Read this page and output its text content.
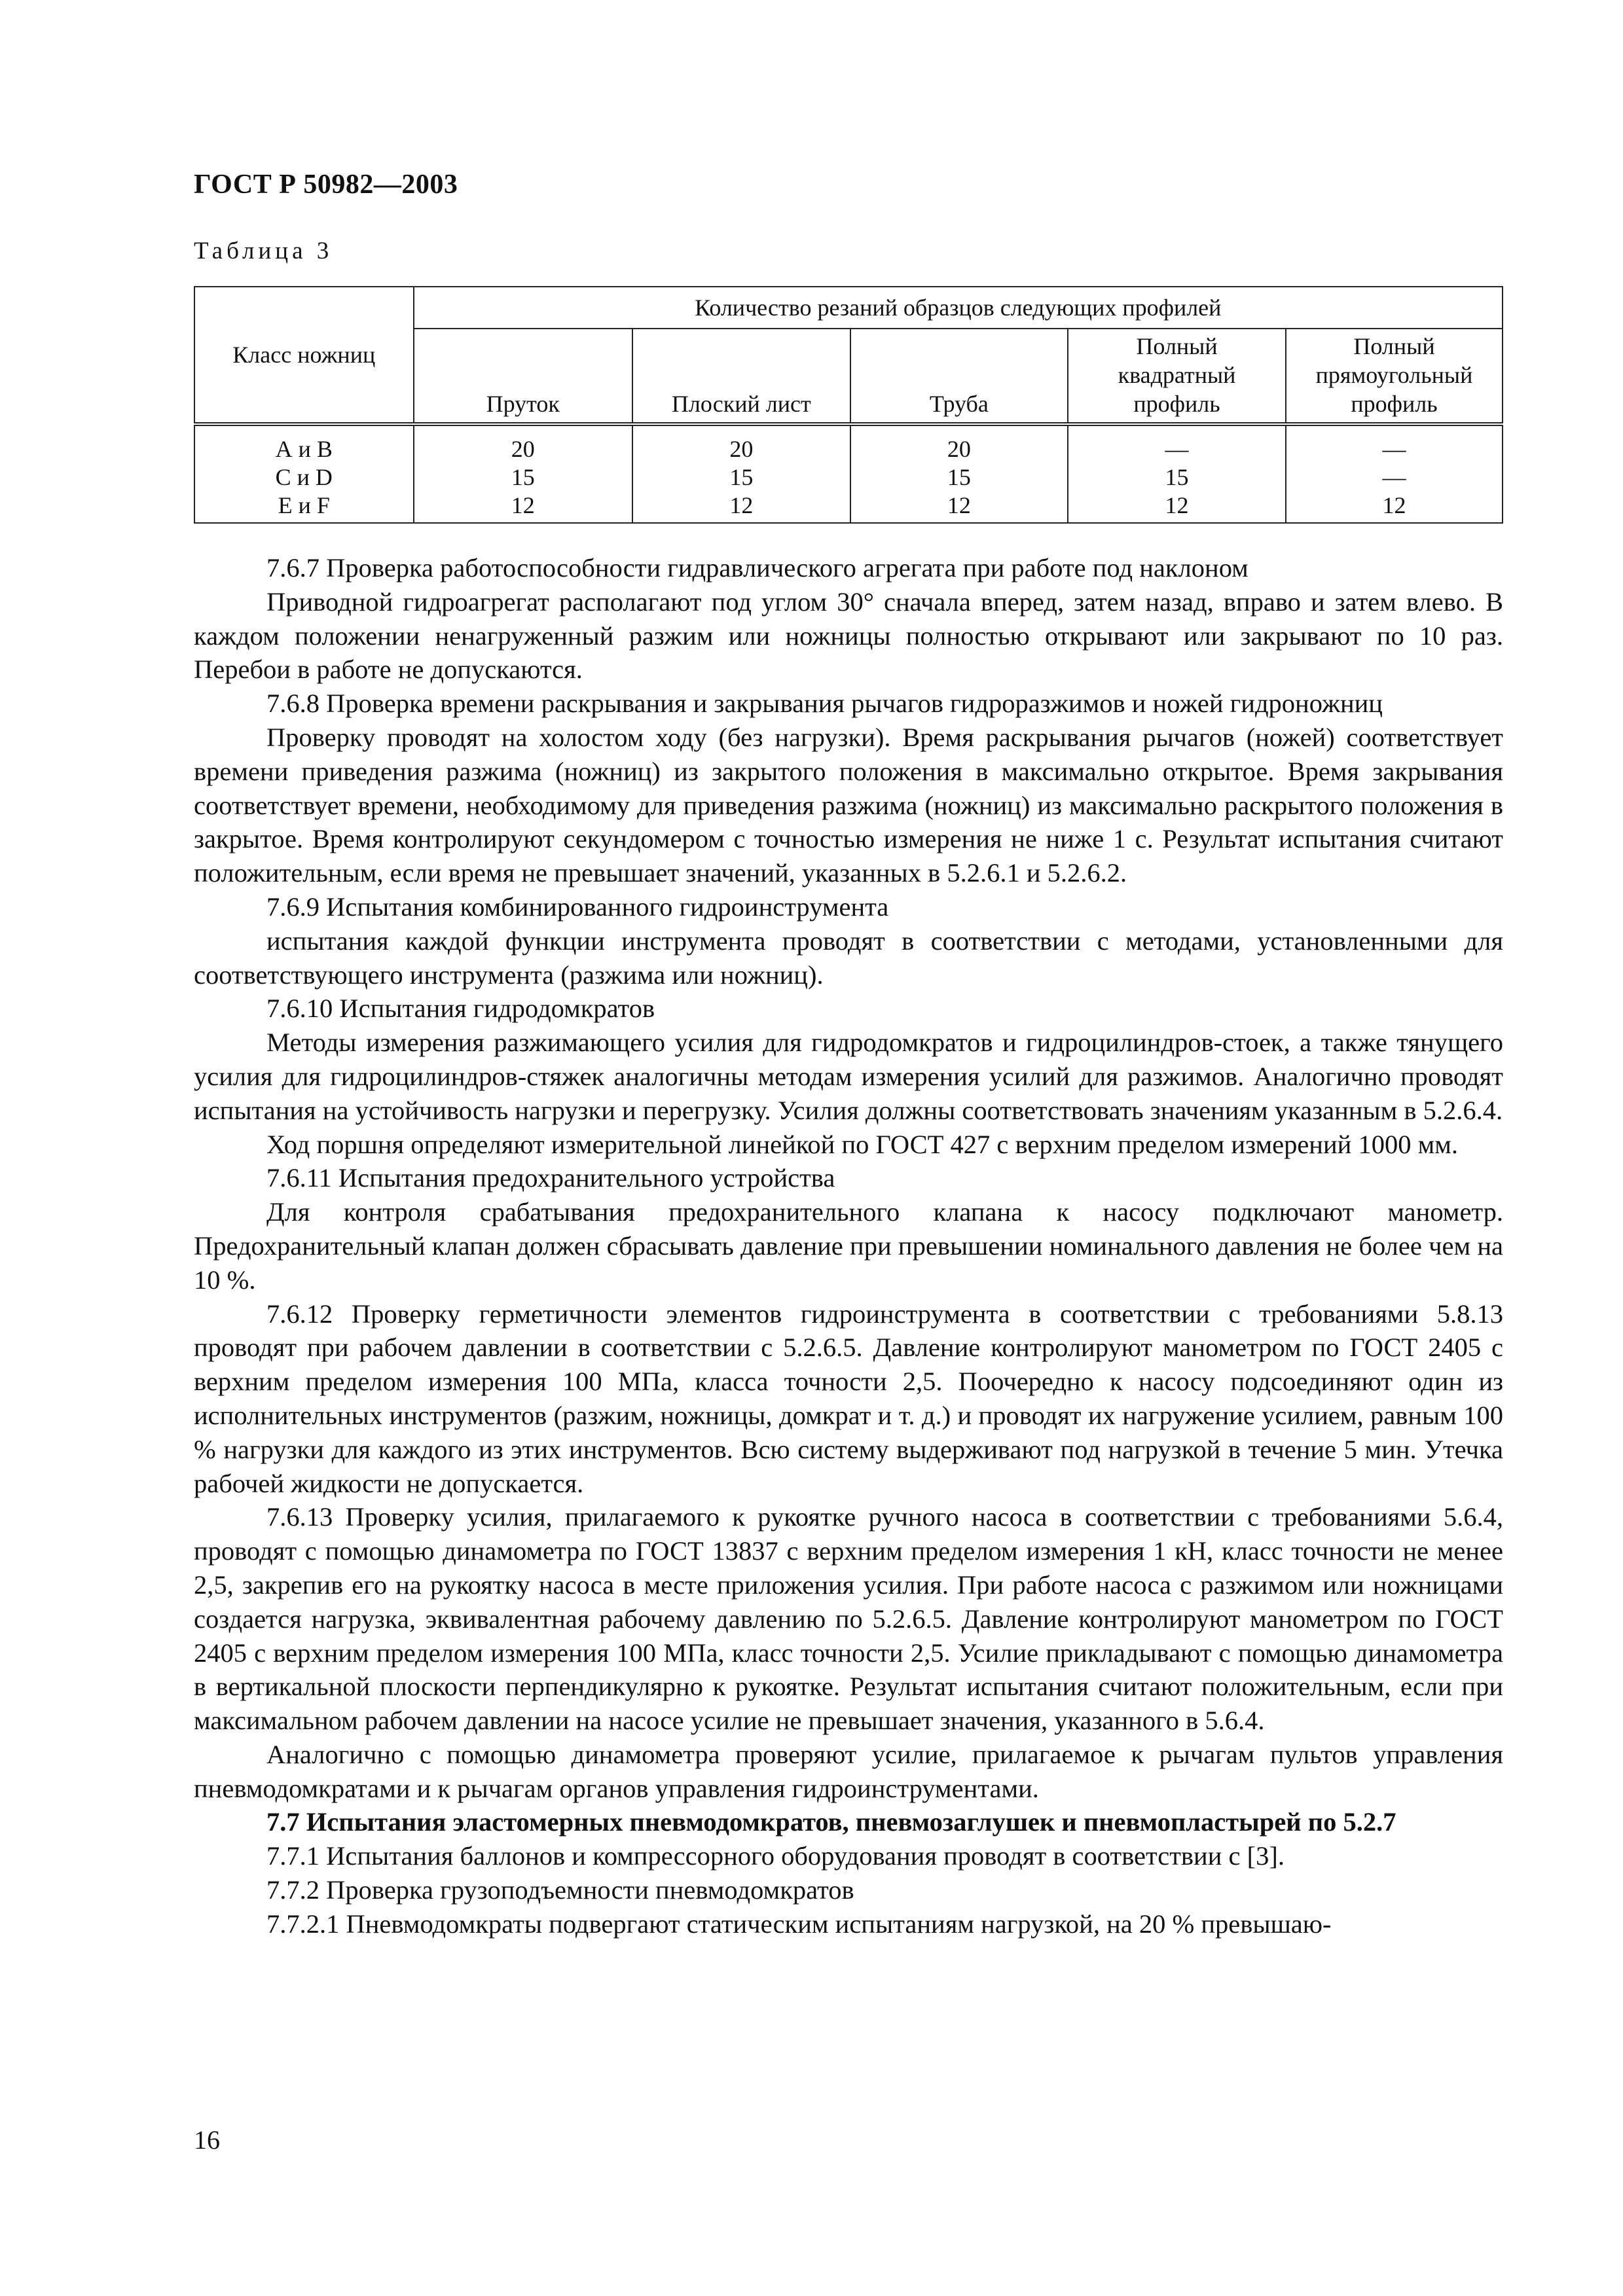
ГОСТ Р 50982—2003
Таблица 3
Класс ножниц	Количество резаний образцов следующих профилей				
	Пруток	Плоский лист	Труба	Полный квадратный профиль	Полный прямоугольный профиль
А и В	20	20	20	—	—
С и D	15	15	15	15	—
Е и F	12	12	12	12	12

7.6.7 Проверка работоспособности гидравлического агрегата при работе под наклоном

Приводной гидроагрегат располагают под углом 30° сначала вперед, затем назад, вправо и затем влево. В каждом положении ненагруженный разжим или ножницы полностью открывают или закрывают по 10 раз. Перебои в работе не допускаются.

7.6.8 Проверка времени раскрывания и закрывания рычагов гидроразжимов и ножей гидроножниц

Проверку проводят на холостом ходу (без нагрузки). Время раскрывания рычагов (ножей) соответствует времени приведения разжима (ножниц) из закрытого положения в максимально открытое. Время закрывания соответствует времени, необходимому для приведения разжима (ножниц) из максимально раскрытого положения в закрытое. Время контролируют секундомером с точностью измерения не ниже 1 с. Результат испытания считают положительным, если время не превышает значений, указанных в 5.2.6.1 и 5.2.6.2.

7.6.9 Испытания комбинированного гидроинструмента

испытания каждой функции инструмента проводят в соответствии с методами, установленными для соответствующего инструмента (разжима или ножниц).

7.6.10 Испытания гидродомкратов

Методы измерения разжимающего усилия для гидродомкратов и гидроцилиндров-стоек, а также тянущего усилия для гидроцилиндров-стяжек аналогичны методам измерения усилий для разжимов. Аналогично проводят испытания на устойчивость нагрузки и перегрузку. Усилия должны соответствовать значениям указанным в 5.2.6.4.

Ход поршня определяют измерительной линейкой по ГОСТ 427 с верхним пределом измерений 1000 мм.

7.6.11 Испытания предохранительного устройства

Для контроля срабатывания предохранительного клапана к насосу подключают манометр. Предохранительный клапан должен сбрасывать давление при превышении номинального давления не более чем на 10 %.

7.6.12 Проверку герметичности элементов гидроинструмента в соответствии с требованиями 5.8.13 проводят при рабочем давлении в соответствии с 5.2.6.5. Давление контролируют манометром по ГОСТ 2405 с верхним пределом измерения 100 МПа, класса точности 2,5. Поочередно к насосу подсоединяют один из исполнительных инструментов (разжим, ножницы, домкрат и т. д.) и проводят их нагружение усилием, равным 100 % нагрузки для каждого из этих инструментов. Всю систему выдерживают под нагрузкой в течение 5 мин. Утечка рабочей жидкости не допускается.

7.6.13 Проверку усилия, прилагаемого к рукоятке ручного насоса в соответствии с требованиями 5.6.4, проводят с помощью динамометра по ГОСТ 13837 с верхним пределом измерения 1 кН, класс точности не менее 2,5, закрепив его на рукоятку насоса в месте приложения усилия. При работе насоса с разжимом или ножницами создается нагрузка, эквивалентная рабочему давлению по 5.2.6.5. Давление контролируют манометром по ГОСТ 2405 с верхним пределом измерения 100 МПа, класс точности 2,5. Усилие прикладывают с помощью динамометра в вертикальной плоскости перпендикулярно к рукоятке. Результат испытания считают положительным, если при максимальном рабочем давлении на насосе усилие не превышает значения, указанного в 5.6.4.

Аналогично с помощью динамометра проверяют усилие, прилагаемое к рычагам пультов управления пневмодомкратами и к рычагам органов управления гидроинструментами.

7.7 Испытания эластомерных пневмодомкратов, пневмозаглушек и пневмопластырей по 5.2.7

7.7.1 Испытания баллонов и компрессорного оборудования проводят в соответствии с [3].

7.7.2 Проверка грузоподъемности пневмодомкратов

7.7.2.1 Пневмодомкраты подвергают статическим испытаниям нагрузкой, на 20 % превышаю-

16
